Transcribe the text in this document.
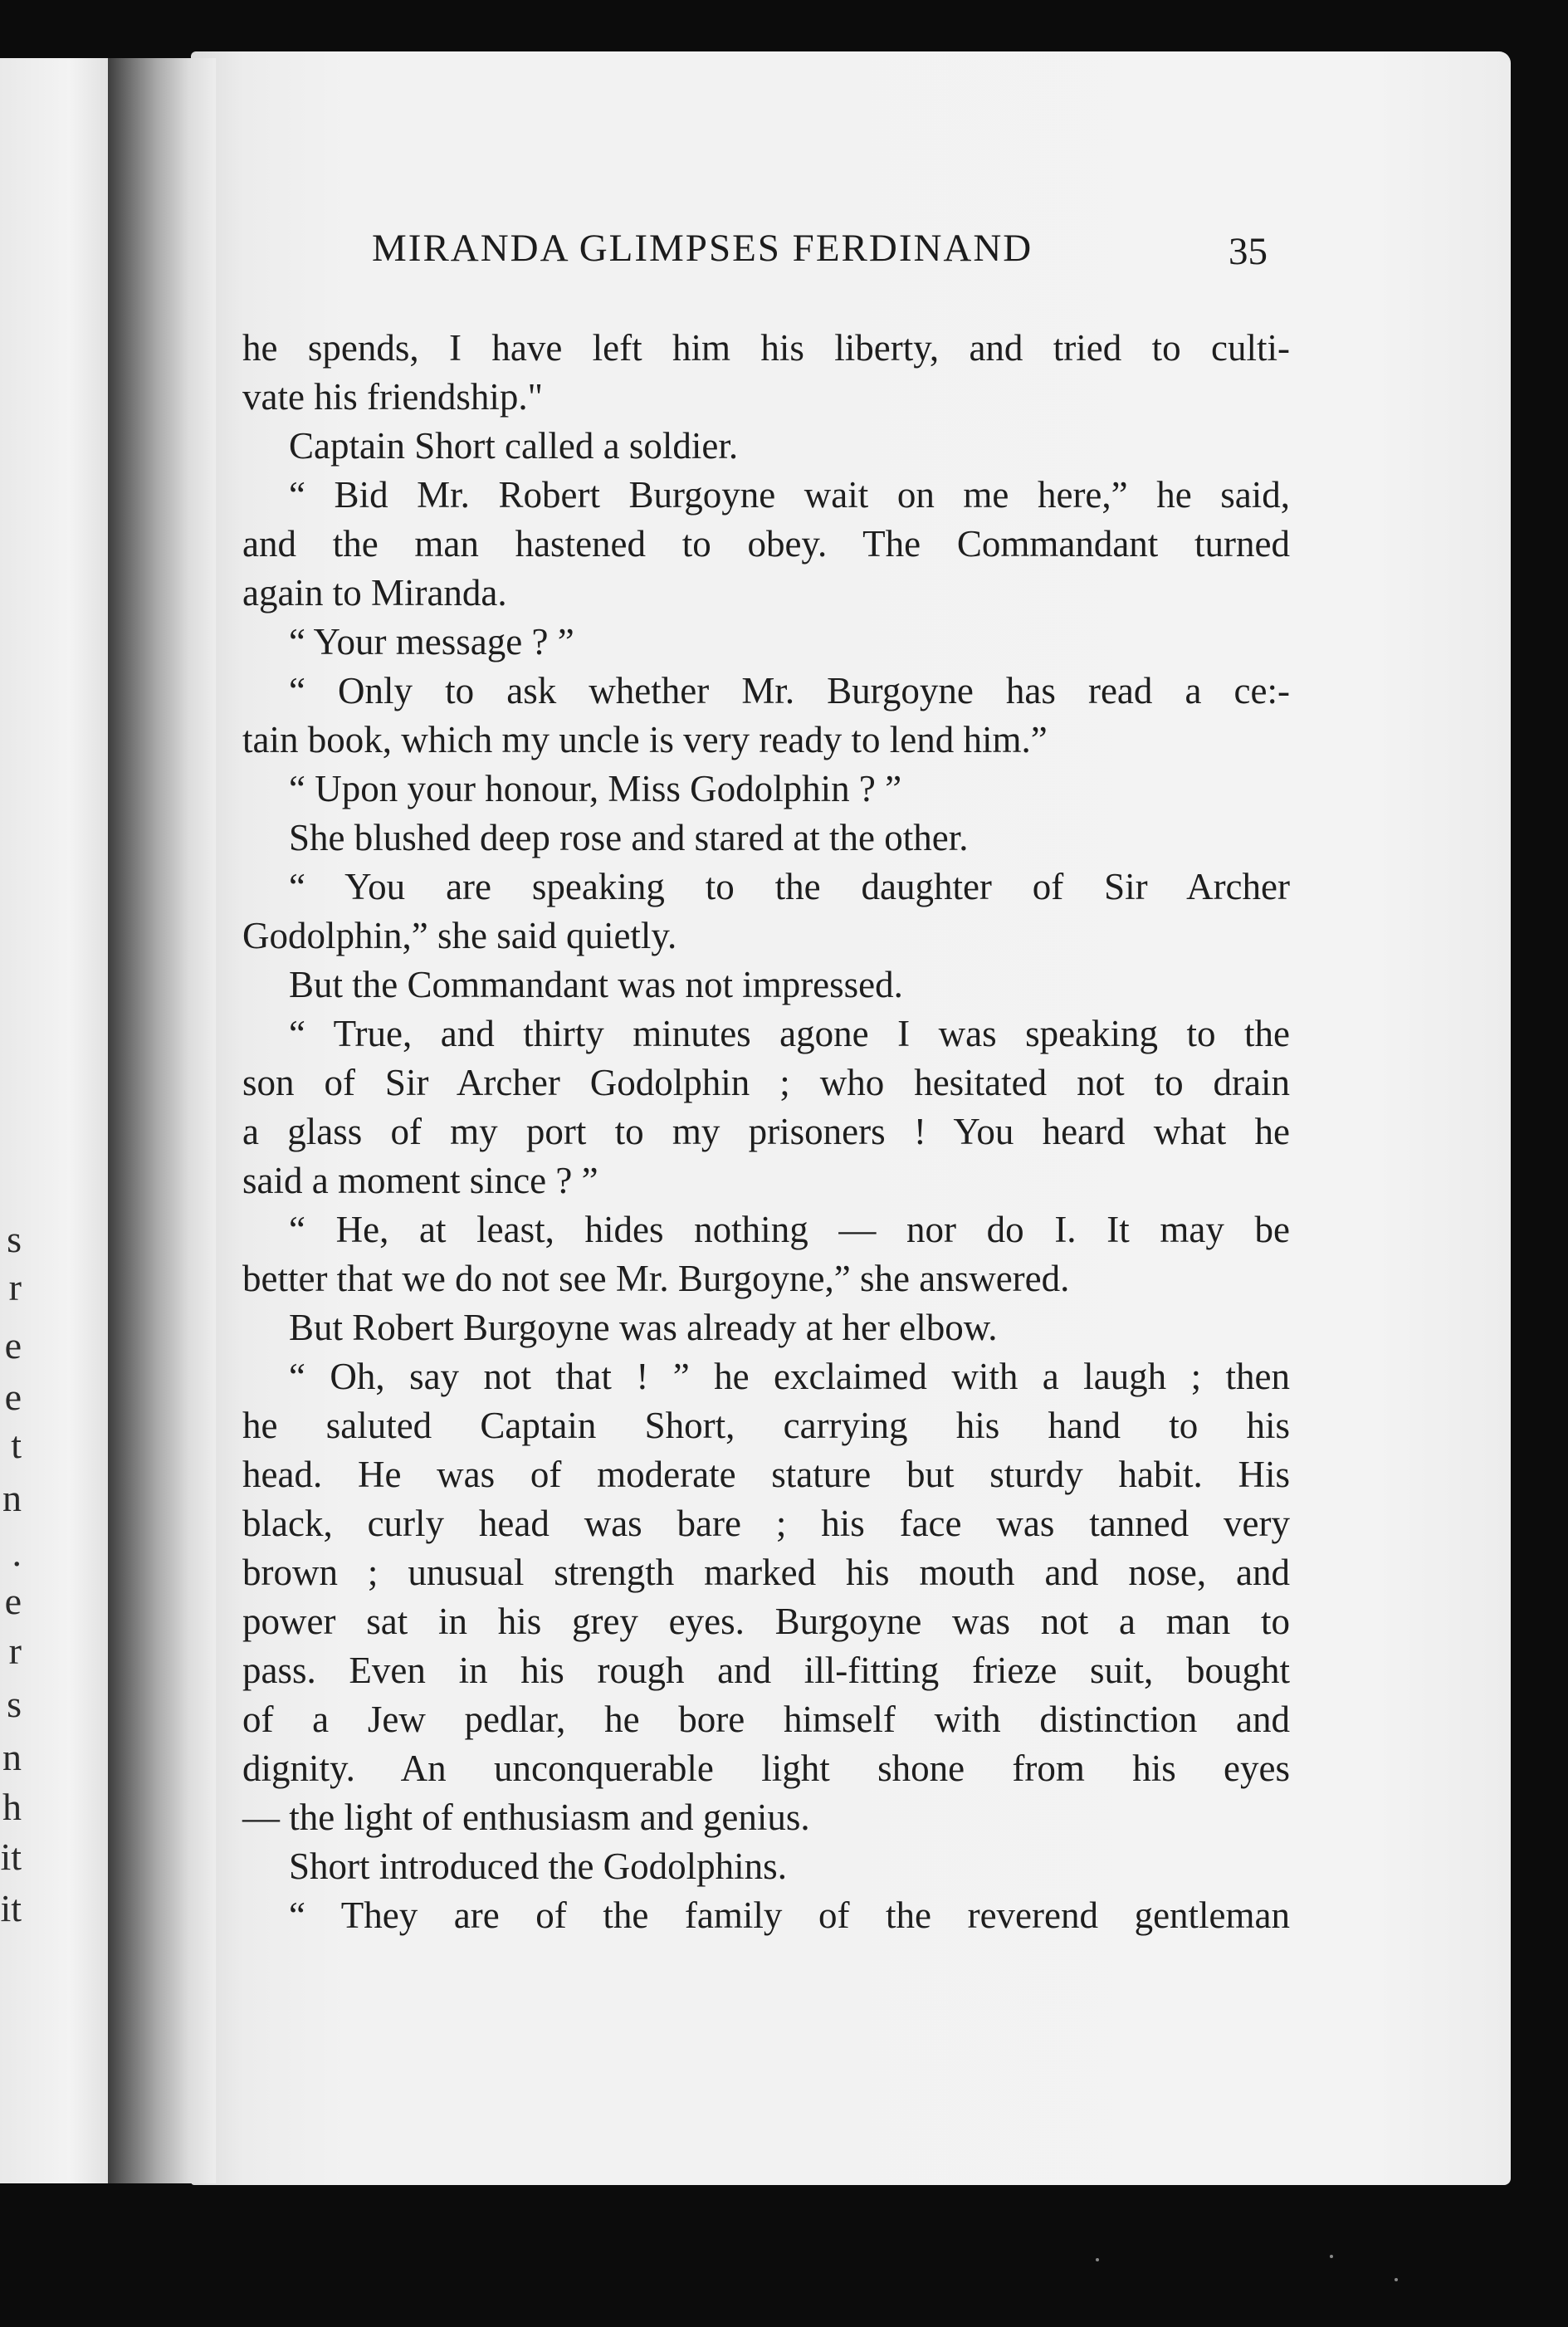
s
r
e
e
t
n
.
e
r
s
n
h
it
it
MIRANDA GLIMPSES FERDINAND	35
he spends, I have left him his liberty, and tried to culti-
vate his friendship."
Captain Short called a soldier.
“ Bid Mr. Robert Burgoyne wait on me here,” he said,
and the man hastened to obey. The Commandant turned
again to Miranda.
“ Your message ? ”
“ Only to ask whether Mr. Burgoyne has read a ce:-
tain book, which my uncle is very ready to lend him.”
“ Upon your honour, Miss Godolphin ? ”
She blushed deep rose and stared at the other.
“ You are speaking to the daughter of Sir Archer
Godolphin,” she said quietly.
But the Commandant was not impressed.
“ True, and thirty minutes agone I was speaking to the
son of Sir Archer Godolphin ; who hesitated not to drain
a glass of my port to my prisoners ! You heard what he
said a moment since ? ”
“ He, at least, hides nothing — nor do I. It may be
better that we do not see Mr. Burgoyne,” she answered.
But Robert Burgoyne was already at her elbow.
“ Oh, say not that ! ” he exclaimed with a laugh ; then
he saluted Captain Short, carrying his hand to his
head. He was of moderate stature but sturdy habit. His
black, curly head was bare ; his face was tanned very
brown ; unusual strength marked his mouth and nose, and
power sat in his grey eyes. Burgoyne was not a man to
pass. Even in his rough and ill-fitting frieze suit, bought
of a Jew pedlar, he bore himself with distinction and
dignity. An unconquerable light shone from his eyes
— the light of enthusiasm and genius.
Short introduced the Godolphins.
“ They are of the family of the reverend gentleman
